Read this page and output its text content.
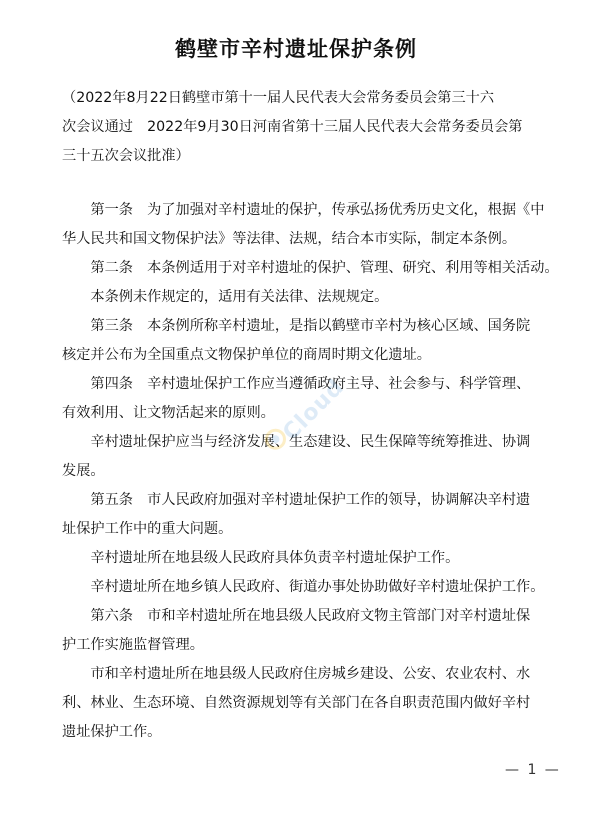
鹤壁市辛村遗址保护条例
（2022年8月22日鹤壁市第十一届人民代表大会常务委员会第三十六
次会议通过　2022年9月30日河南省第十三届人民代表大会常务委员会第
三十五次会议批准）
　　第一条　为了加强对辛村遗址的保护，传承弘扬优秀历史文化，根据《中
华人民共和国文物保护法》等法律、法规，结合本市实际，制定本条例。
　　第二条　本条例适用于对辛村遗址的保护、管理、研究、利用等相关活动。
　　本条例未作规定的，适用有关法律、法规规定。
　　第三条　本条例所称辛村遗址，是指以鹤壁市辛村为核心区域、国务院
核定并公布为全国重点文物保护单位的商周时期文化遗址。
　　第四条　辛村遗址保护工作应当遵循政府主导、社会参与、科学管理、
有效利用、让文物活起来的原则。
　　辛村遗址保护应当与经济发展、生态建设、民生保障等统筹推进、协调
发展。
　　第五条　市人民政府加强对辛村遗址保护工作的领导，协调解决辛村遗
址保护工作中的重大问题。
　　辛村遗址所在地县级人民政府具体负责辛村遗址保护工作。
　　辛村遗址所在地乡镇人民政府、街道办事处协助做好辛村遗址保护工作。
　　第六条　市和辛村遗址所在地县级人民政府文物主管部门对辛村遗址保
护工作实施监督管理。
　　市和辛村遗址所在地县级人民政府住房城乡建设、公安、农业农村、水
利、林业、生态环境、自然资源规划等有关部门在各自职责范围内做好辛村
遗址保护工作。
Cloud
— 1 —
